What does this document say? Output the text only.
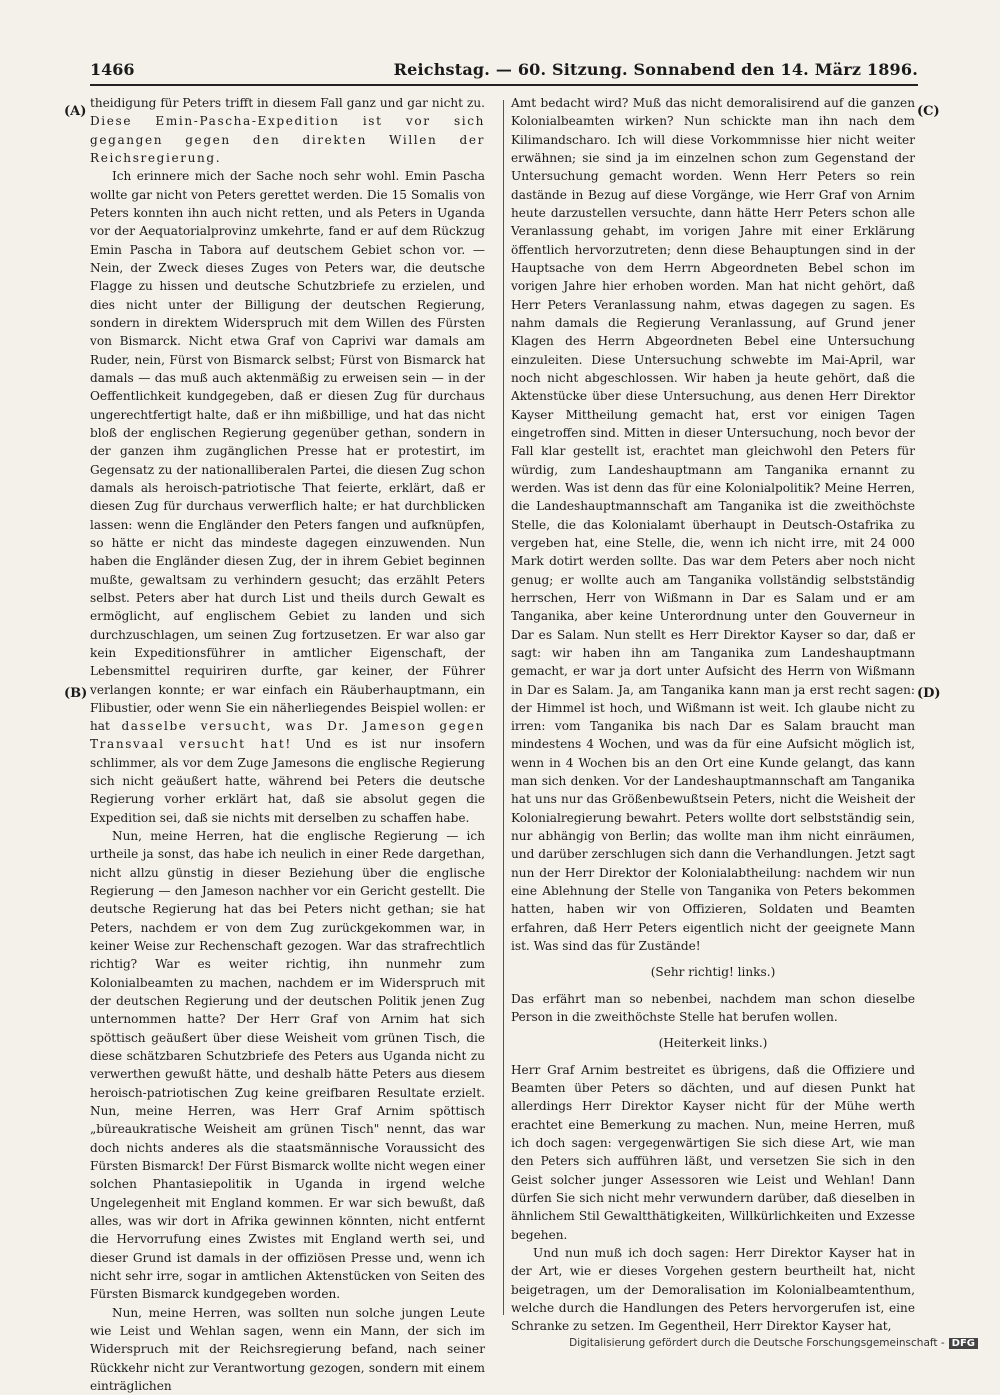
1466	Reichstag. — 60. Sitzung. Sonnabend den 14. März 1896.
(A)
(B)
(C)
(D)

theidigung für Peters trifft in diesem Fall ganz und gar nicht zu. Diese Emin-Pascha-Expedition ist vor sich gegangen gegen den direkten Willen der Reichsregierung.

Ich erinnere mich der Sache noch sehr wohl. Emin Pascha wollte gar nicht von Peters gerettet werden. Die 15 Somalis von Peters konnten ihn auch nicht retten, und als Peters in Uganda vor der Aequatorialprovinz umkehrte, fand er auf dem Rückzug Emin Pascha in Tabora auf deutschem Gebiet schon vor. — Nein, der Zweck dieses Zuges von Peters war, die deutsche Flagge zu hissen und deutsche Schutzbriefe zu erzielen, und dies nicht unter der Billigung der deutschen Regierung, sondern in direktem Widerspruch mit dem Willen des Fürsten von Bismarck. Nicht etwa Graf von Caprivi war damals am Ruder, nein, Fürst von Bismarck selbst; Fürst von Bismarck hat damals — das muß auch aktenmäßig zu erweisen sein — in der Oeffentlichkeit kundgegeben, daß er diesen Zug für durchaus ungerechtfertigt halte, daß er ihn mißbillige, und hat das nicht bloß der englischen Regierung gegenüber gethan, sondern in der ganzen ihm zugänglichen Presse hat er protestirt, im Gegensatz zu der nationalliberalen Partei, die diesen Zug schon damals als heroisch-patriotische That feierte, erklärt, daß er diesen Zug für durchaus verwerflich halte; er hat durchblicken lassen: wenn die Engländer den Peters fangen und aufknüpfen, so hätte er nicht das mindeste dagegen einzuwenden. Nun haben die Engländer diesen Zug, der in ihrem Gebiet beginnen mußte, gewaltsam zu verhindern gesucht; das erzählt Peters selbst. Peters aber hat durch List und theils durch Gewalt es ermöglicht, auf englischem Gebiet zu landen und sich durchzuschlagen, um seinen Zug fortzusetzen. Er war also gar kein Expeditionsführer in amtlicher Eigenschaft, der Lebensmittel requiriren durfte, gar keiner, der Führer verlangen konnte; er war einfach ein Räuberhauptmann, ein Flibustier, oder wenn Sie ein näherliegendes Beispiel wollen: er hat dasselbe versucht, was Dr. Jameson gegen Transvaal versucht hat! Und es ist nur insofern schlimmer, als vor dem Zuge Jamesons die englische Regierung sich nicht geäußert hatte, während bei Peters die deutsche Regierung vorher erklärt hat, daß sie absolut gegen die Expedition sei, daß sie nichts mit derselben zu schaffen habe.

Nun, meine Herren, hat die englische Regierung — ich urtheile ja sonst, das habe ich neulich in einer Rede dargethan, nicht allzu günstig in dieser Beziehung über die englische Regierung — den Jameson nachher vor ein Gericht gestellt. Die deutsche Regierung hat das bei Peters nicht gethan; sie hat Peters, nachdem er von dem Zug zurückgekommen war, in keiner Weise zur Rechenschaft gezogen. War das strafrechtlich richtig? War es weiter richtig, ihn nunmehr zum Kolonialbeamten zu machen, nachdem er im Widerspruch mit der deutschen Regierung und der deutschen Politik jenen Zug unternommen hatte? Der Herr Graf von Arnim hat sich spöttisch geäußert über diese Weisheit vom grünen Tisch, die diese schätzbaren Schutzbriefe des Peters aus Uganda nicht zu verwerthen gewußt hätte, und deshalb hätte Peters aus diesem heroisch-patriotischen Zug keine greifbaren Resultate erzielt. Nun, meine Herren, was Herr Graf Arnim spöttisch „büreaukratische Weisheit am grünen Tisch" nennt, das war doch nichts anderes als die staatsmännische Voraussicht des Fürsten Bismarck! Der Fürst Bismarck wollte nicht wegen einer solchen Phantasiepolitik in Uganda in irgend welche Ungelegenheit mit England kommen. Er war sich bewußt, daß alles, was wir dort in Afrika gewinnen könnten, nicht entfernt die Hervorrufung eines Zwistes mit England werth sei, und dieser Grund ist damals in der offiziösen Presse und, wenn ich nicht sehr irre, sogar in amtlichen Aktenstücken von Seiten des Fürsten Bismarck kundgegeben worden.

Nun, meine Herren, was sollten nun solche jungen Leute wie Leist und Wehlan sagen, wenn ein Mann, der sich im Widerspruch mit der Reichsregierung befand, nach seiner Rückkehr nicht zur Verantwortung gezogen, sondern mit einem einträglichen

Amt bedacht wird? Muß das nicht demoralisirend auf die ganzen Kolonialbeamten wirken? Nun schickte man ihn nach dem Kilimandscharo. Ich will diese Vorkommnisse hier nicht weiter erwähnen; sie sind ja im einzelnen schon zum Gegenstand der Untersuchung gemacht worden. Wenn Herr Peters so rein dastände in Bezug auf diese Vorgänge, wie Herr Graf von Arnim heute darzustellen versuchte, dann hätte Herr Peters schon alle Veranlassung gehabt, im vorigen Jahre mit einer Erklärung öffentlich hervorzutreten; denn diese Behauptungen sind in der Hauptsache von dem Herrn Abgeordneten Bebel schon im vorigen Jahre hier erhoben worden. Man hat nicht gehört, daß Herr Peters Veranlassung nahm, etwas dagegen zu sagen. Es nahm damals die Regierung Veranlassung, auf Grund jener Klagen des Herrn Abgeordneten Bebel eine Untersuchung einzuleiten. Diese Untersuchung schwebte im Mai-April, war noch nicht abgeschlossen. Wir haben ja heute gehört, daß die Aktenstücke über diese Untersuchung, aus denen Herr Direktor Kayser Mittheilung gemacht hat, erst vor einigen Tagen eingetroffen sind. Mitten in dieser Untersuchung, noch bevor der Fall klar gestellt ist, erachtet man gleichwohl den Peters für würdig, zum Landeshauptmann am Tanganika ernannt zu werden. Was ist denn das für eine Kolonialpolitik? Meine Herren, die Landeshauptmannschaft am Tanganika ist die zweithöchste Stelle, die das Kolonialamt überhaupt in Deutsch-Ostafrika zu vergeben hat, eine Stelle, die, wenn ich nicht irre, mit 24 000 Mark dotirt werden sollte. Das war dem Peters aber noch nicht genug; er wollte auch am Tanganika vollständig selbstständig herrschen, Herr von Wißmann in Dar es Salam und er am Tanganika, aber keine Unterordnung unter den Gouverneur in Dar es Salam. Nun stellt es Herr Direktor Kayser so dar, daß er sagt: wir haben ihn am Tanganika zum Landeshauptmann gemacht, er war ja dort unter Aufsicht des Herrn von Wißmann in Dar es Salam. Ja, am Tanganika kann man ja erst recht sagen: der Himmel ist hoch, und Wißmann ist weit. Ich glaube nicht zu irren: vom Tanganika bis nach Dar es Salam braucht man mindestens 4 Wochen, und was da für eine Aufsicht möglich ist, wenn in 4 Wochen bis an den Ort eine Kunde gelangt, das kann man sich denken. Vor der Landeshauptmannschaft am Tanganika hat uns nur das Größenbewußtsein Peters, nicht die Weisheit der Kolonialregierung bewahrt. Peters wollte dort selbstständig sein, nur abhängig von Berlin; das wollte man ihm nicht einräumen, und darüber zerschlugen sich dann die Verhandlungen. Jetzt sagt nun der Herr Direktor der Kolonialabtheilung: nachdem wir nun eine Ablehnung der Stelle von Tanganika von Peters bekommen hatten, haben wir von Offizieren, Soldaten und Beamten erfahren, daß Herr Peters eigentlich nicht der geeignete Mann ist. Was sind das für Zustände!

(Sehr richtig! links.)

Das erfährt man so nebenbei, nachdem man schon dieselbe Person in die zweithöchste Stelle hat berufen wollen.

(Heiterkeit links.)

Herr Graf Arnim bestreitet es übrigens, daß die Offiziere und Beamten über Peters so dächten, und auf diesen Punkt hat allerdings Herr Direktor Kayser nicht für der Mühe werth erachtet eine Bemerkung zu machen. Nun, meine Herren, muß ich doch sagen: vergegenwärtigen Sie sich diese Art, wie man den Peters sich aufführen läßt, und versetzen Sie sich in den Geist solcher junger Assessoren wie Leist und Wehlan! Dann dürfen Sie sich nicht mehr verwundern darüber, daß dieselben in ähnlichem Stil Gewaltthätigkeiten, Willkürlichkeiten und Exzesse begehen.

Und nun muß ich doch sagen: Herr Direktor Kayser hat in der Art, wie er dieses Vorgehen gestern beurtheilt hat, nicht beigetragen, um der Demoralisation im Kolonialbeamtenthum, welche durch die Handlungen des Peters hervorgerufen ist, eine Schranke zu setzen. Im Gegentheil, Herr Direktor Kayser hat,

Digitalisierung gefördert durch die Deutsche Forschungsgemeinschaft - DFG
